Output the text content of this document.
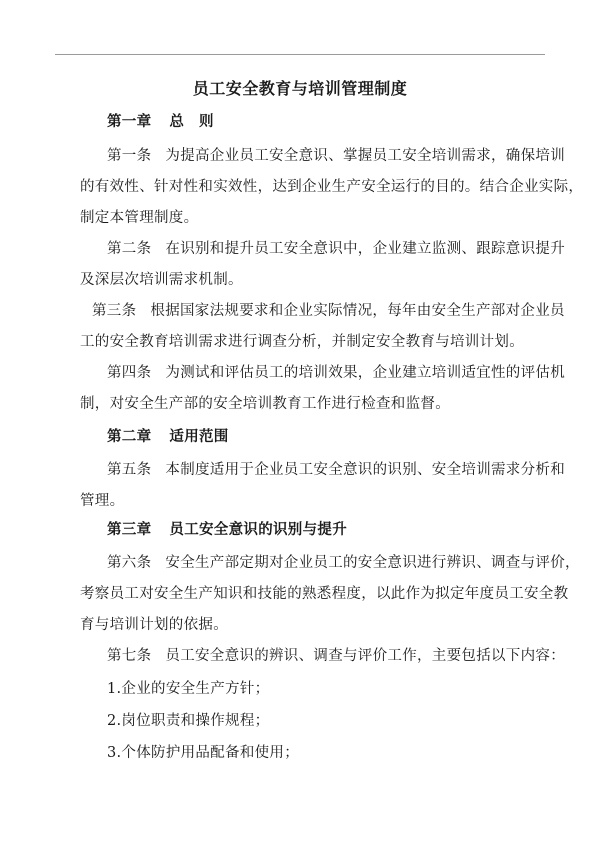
员工安全教育与培训管理制度
第一章 总　则
第一条 为提高企业员工安全意识、掌握员工安全培训需求，确保培训
的有效性、针对性和实效性，达到企业生产安全运行的目的。结合企业实际，
制定本管理制度。
第二条 在识别和提升员工安全意识中，企业建立监测、跟踪意识提升
及深层次培训需求机制。
第三条 根据国家法规要求和企业实际情况，每年由安全生产部对企业员
工的安全教育培训需求进行调查分析，并制定安全教育与培训计划。
第四条 为测试和评估员工的培训效果，企业建立培训适宜性的评估机
制，对安全生产部的安全培训教育工作进行检查和监督。
第二章 适用范围
第五条 本制度适用于企业员工安全意识的识别、安全培训需求分析和
管理。
第三章 员工安全意识的识别与提升
第六条 安全生产部定期对企业员工的安全意识进行辨识、调查与评价，
考察员工对安全生产知识和技能的熟悉程度，以此作为拟定年度员工安全教
育与培训计划的依据。
第七条 员工安全意识的辨识、调查与评价工作，主要包括以下内容：
1.企业的安全生产方针；
2.岗位职责和操作规程；
3.个体防护用品配备和使用；
